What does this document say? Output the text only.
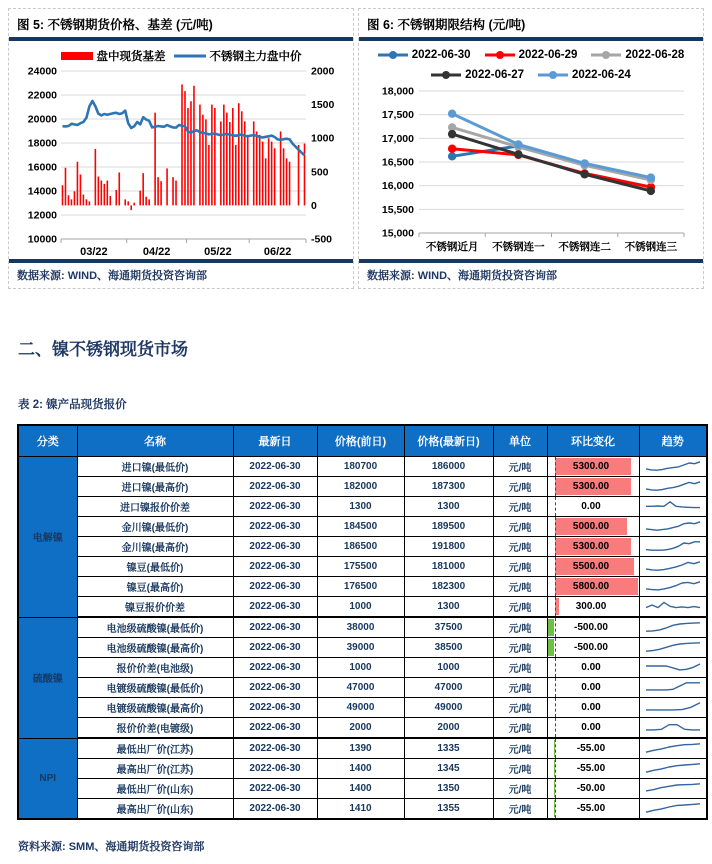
图 5: 不锈钢期货价格、基差 (元/吨)
盘中现货基差	不锈钢主力盘中价
10000
12000
14000
16000
18000
20000
22000
24000
-500
0
500
1000
1500
2000
03/22	04/22	05/22	06/22
数据来源: WIND、海通期货投资咨询部
图 6: 不锈钢期限结构 (元/吨)
2022-06-30	2022-06-29	2022-06-28
2022-06-27	2022-06-24
15,000
15,500
16,000
16,500
17,000
17,500
18,000
不锈钢近月 不锈钢连一 不锈钢连二 不锈钢连三
数据来源: WIND、海通期货投资咨询部
二、镍不锈钢现货市场
表 2: 镍产品现货报价
分类	名称	最新日	价格(前日)	价格(最新日)	单位	环比变化	趋势
电解镍	进口镍(最低价)	2022-06-30	180700	186000	元/吨	5300.00	
	进口镍(最高价)	2022-06-30	182000	187300	元/吨	5300.00	
	进口镍报价价差	2022-06-30	1300	1300	元/吨	0.00	
	金川镍(最低价)	2022-06-30	184500	189500	元/吨	5000.00	
	金川镍(最高价)	2022-06-30	186500	191800	元/吨	5300.00	
	镍豆(最低价)	2022-06-30	175500	181000	元/吨	5500.00	
	镍豆(最高价)	2022-06-30	176500	182300	元/吨	5800.00	
	镍豆报价价差	2022-06-30	1000	1300	元/吨	300.00	
硫酸镍	电池级硫酸镍(最低价)	2022-06-30	38000	37500	元/吨	-500.00	
	电池级硫酸镍(最高价)	2022-06-30	39000	38500	元/吨	-500.00	
	报价价差(电池级)	2022-06-30	1000	1000	元/吨	0.00	
	电镀级硫酸镍(最低价)	2022-06-30	47000	47000	元/吨	0.00	
	电镀级硫酸镍(最高价)	2022-06-30	49000	49000	元/吨	0.00	
	报价价差(电镀级)	2022-06-30	2000	2000	元/吨	0.00	
NPI	最低出厂价(江苏)	2022-06-30	1390	1335	元/吨	-55.00	
	最高出厂价(江苏)	2022-06-30	1400	1345	元/吨	-55.00	
	最低出厂价(山东)	2022-06-30	1400	1350	元/吨	-50.00	
	最高出厂价(山东)	2022-06-30	1410	1355	元/吨	-55.00	
资料来源: SMM、海通期货投资咨询部
